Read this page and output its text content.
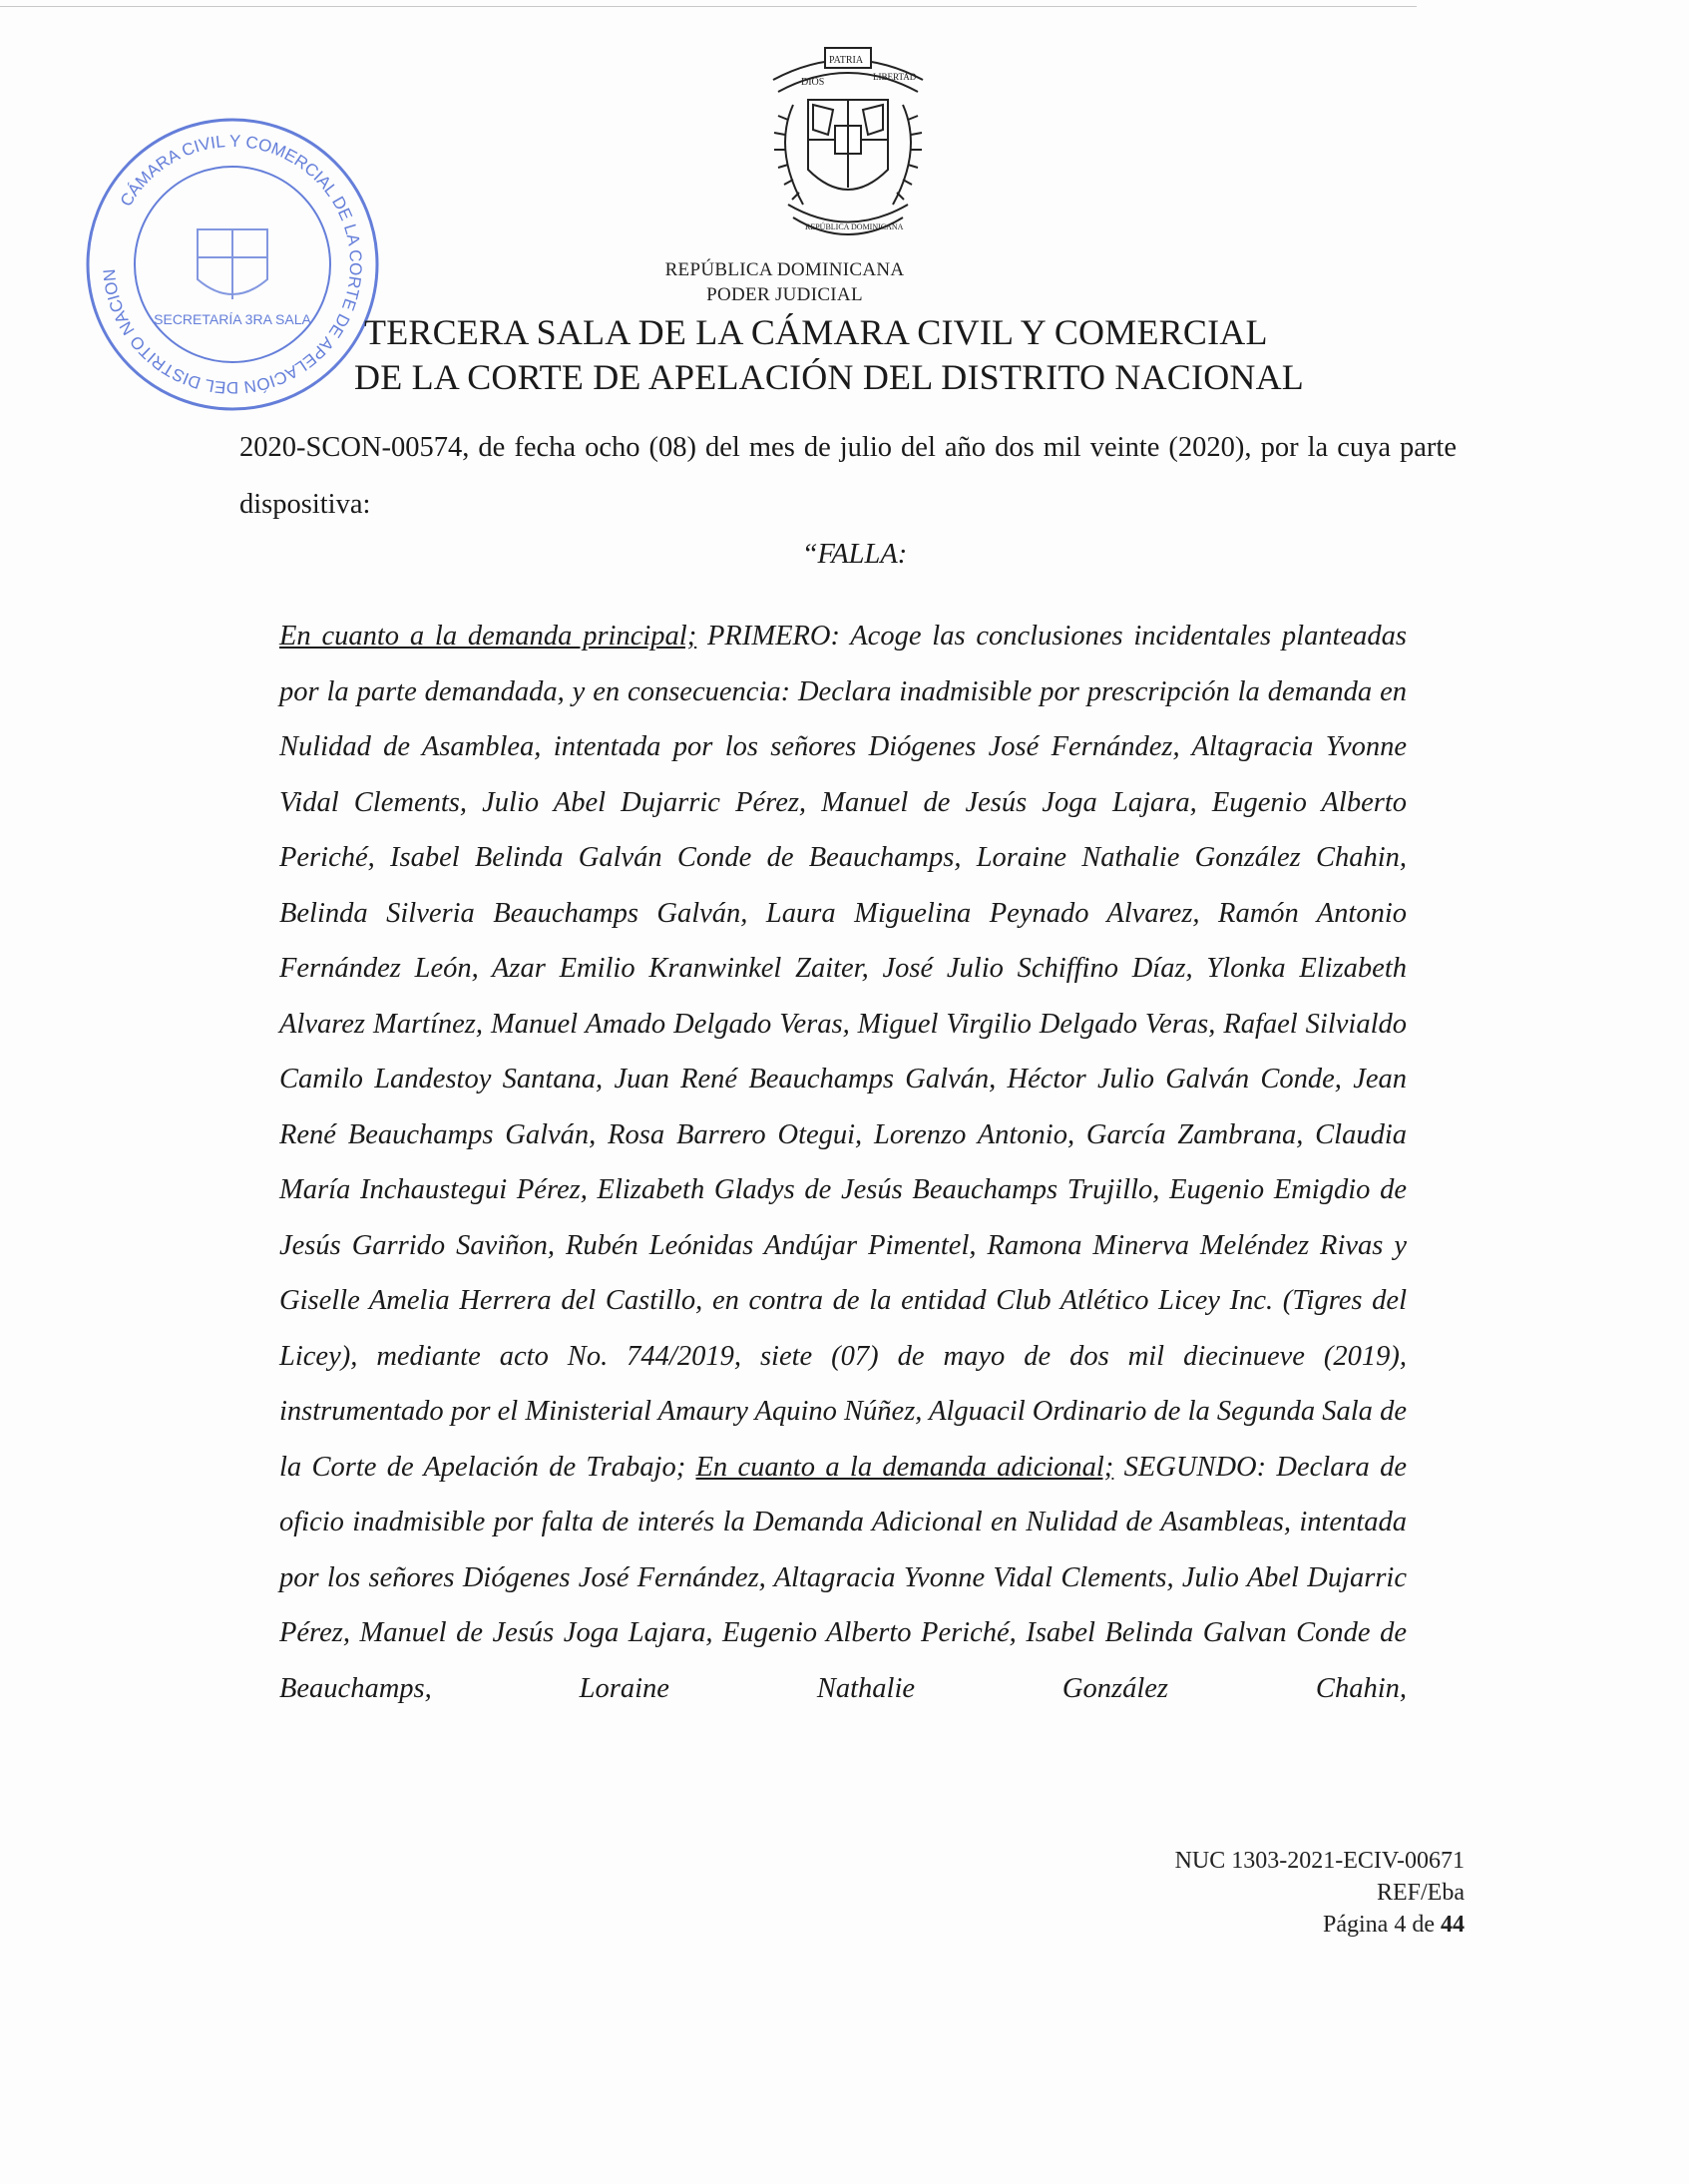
DIOS
PATRIA
LIBERTAD
REPÚBLICA DOMINICANA
REPÚBLICA DOMINICANA
PODER JUDICIAL
CÁMARA CIVIL Y COMERCIAL DE LA CORTE DE APELACIÓN DEL DISTRITO NACION
SECRETARÍA 3RA SALA TERCERA SALA DE LA CÁMARA CIVIL Y COMERCIAL
DE LA CORTE DE APELACIÓN DEL DISTRITO NACIONAL
2020-SCON-00574, de fecha ocho (08) del mes de julio del año dos mil veinte (2020), por la cuya parte dispositiva:
“FALLA:
En cuanto a la demanda principal; PRIMERO: Acoge las conclusiones incidentales planteadas por la parte demandada, y en consecuencia: Declara inadmisible por prescripción la demanda en Nulidad de Asamblea, intentada por los señores Diógenes José Fernández, Altagracia Yvonne Vidal Clements, Julio Abel Dujarric Pérez, Manuel de Jesús Joga Lajara, Eugenio Alberto Periché, Isabel Belinda Galván Conde de Beauchamps, Loraine Nathalie González Chahin, Belinda Silveria Beauchamps Galván, Laura Miguelina Peynado Alvarez, Ramón Antonio Fernández León, Azar Emilio Kranwinkel Zaiter, José Julio Schiffino Díaz, Ylonka Elizabeth Alvarez Martínez, Manuel Amado Delgado Veras, Miguel Virgilio Delgado Veras, Rafael Silvialdo Camilo Landestoy Santana, Juan René Beauchamps Galván, Héctor Julio Galván Conde, Jean René Beauchamps Galván, Rosa Barrero Otegui, Lorenzo Antonio, García Zambrana, Claudia María Inchaustegui Pérez, Elizabeth Gladys de Jesús Beauchamps Trujillo, Eugenio Emigdio de Jesús Garrido Saviñon, Rubén Leónidas Andújar Pimentel, Ramona Minerva Meléndez Rivas y Giselle Amelia Herrera del Castillo, en contra de la entidad Club Atlético Licey Inc. (Tigres del Licey), mediante acto No. 744/2019, siete (07) de mayo de dos mil diecinueve (2019), instrumentado por el Ministerial Amaury Aquino Núñez, Alguacil Ordinario de la Segunda Sala de la Corte de Apelación de Trabajo; En cuanto a la demanda adicional; SEGUNDO: Declara de oficio inadmisible por falta de interés la Demanda Adicional en Nulidad de Asambleas, intentada por los señores Diógenes José Fernández, Altagracia Yvonne Vidal Clements, Julio Abel Dujarric Pérez, Manuel de Jesús Joga Lajara, Eugenio Alberto Periché, Isabel Belinda Galvan Conde de Beauchamps, Loraine Nathalie González Chahin,
NUC 1303-2021-ECIV-00671
REF/Eba
Página 4 de 44
